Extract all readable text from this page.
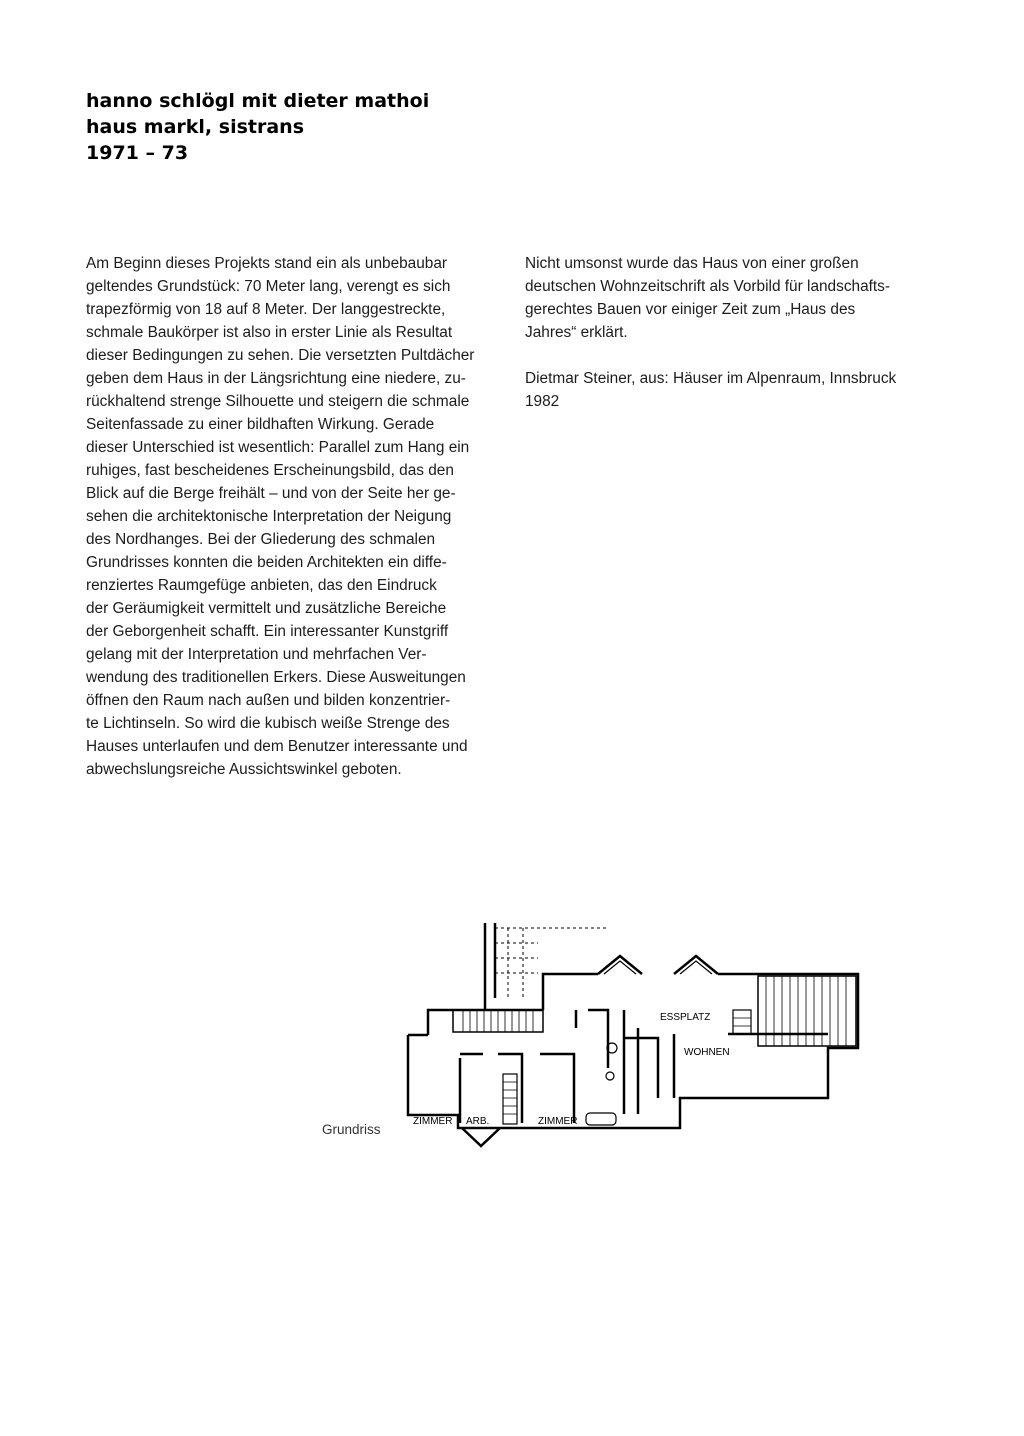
hanno schlögl mit dieter mathoi
haus markl, sistrans
1971 – 73
Am Beginn dieses Projekts stand ein als unbebaubar
geltendes Grundstück: 70 Meter lang, verengt es sich
trapezförmig von 18 auf 8 Meter. Der langgestreckte,
schmale Baukörper ist also in erster Linie als Resultat
dieser Bedingungen zu sehen. Die versetzten Pultdächer
geben dem Haus in der Längsrichtung eine niedere, zu-
rückhaltend strenge Silhouette und steigern die schmale
Seitenfassade zu einer bildhaften Wirkung. Gerade
dieser Unterschied ist wesentlich: Parallel zum Hang ein
ruhiges, fast bescheidenes Erscheinungsbild, das den
Blick auf die Berge freihält – und von der Seite her ge-
sehen die architektonische Interpretation der Neigung
des Nordhanges. Bei der Gliederung des schmalen
Grundrisses konnten die beiden Architekten ein diffe-
renziertes Raumgefüge anbieten, das den Eindruck
der Geräumigkeit vermittelt und zusätzliche Bereiche
der Geborgenheit schafft. Ein interessanter Kunstgriff
gelang mit der Interpretation und mehrfachen Ver-
wendung des traditionellen Erkers. Diese Ausweitungen
öffnen den Raum nach außen und bilden konzentrier-
te Lichtinseln. So wird die kubisch weiße Strenge des
Hauses unterlaufen und dem Benutzer interessante und
abwechslungsreiche Aussichtswinkel geboten.
Nicht umsonst wurde das Haus von einer großen
deutschen Wohnzeitschrift als Vorbild für landschafts-
gerechtes Bauen vor einiger Zeit zum „Haus des
Jahres“ erklärt.
Dietmar Steiner, aus: Häuser im Alpenraum, Innsbruck
1982
Grundriss
ESSPLATZ
WOHNEN
ZIMMER ARB.	ZIMMER
